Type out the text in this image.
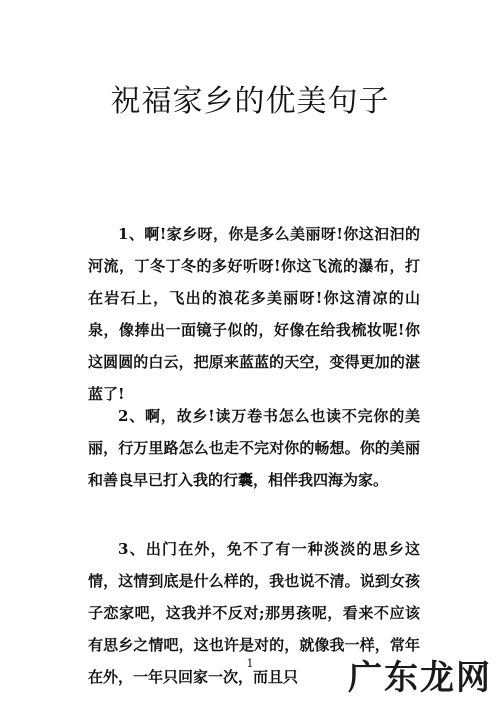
祝福家乡的优美句子

1、啊!家乡呀，你是多么美丽呀!你这汩汩的河流，丁冬丁冬的多好听呀!你这飞流的瀑布，打在岩石上，飞出的浪花多美丽呀!你这清凉的山泉，像捧出一面镜子似的，好像在给我梳妆呢!你这圆圆的白云，把原来蓝蓝的天空，变得更加的湛蓝了!

2、啊，故乡!读万卷书怎么也读不完你的美丽，行万里路怎么也走不完对你的畅想。你的美丽和善良早已打入我的行囊，相伴我四海为家。

3、出门在外，免不了有一种淡淡的思乡这情，这情到底是什么样的，我也说不清。说到女孩子恋家吧，这我并不反对;那男孩呢，看来不应该有思乡之情吧，这也许是对的，就像我一样，常年在外，一年只回家一次，而且只

1	广东龙网
